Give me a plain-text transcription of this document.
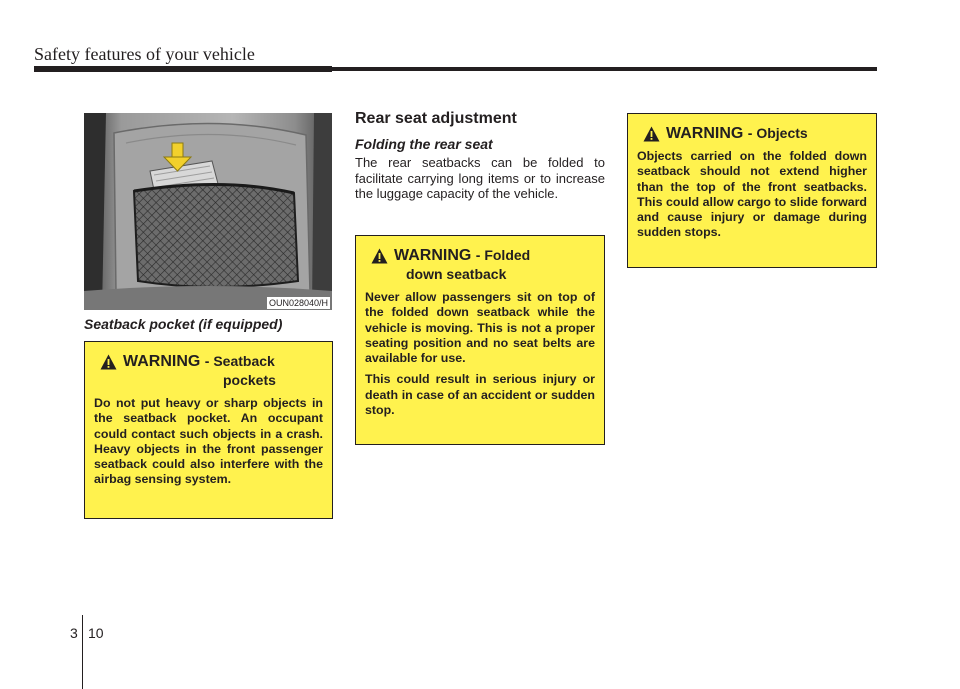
Safety features of your vehicle
OUN028040/H
Seatback pocket (if equipped)
WARNING - Seatback
pockets

Do not put heavy or sharp objects in the seatback pocket. An occupant could contact such objects in a crash. Heavy objects in the front passenger seatback could also interfere with the airbag sensing system.

Rear seat adjustment
Folding the rear seat

The rear seatbacks can be folded to facilitate carrying long items or to increase the luggage capacity of the vehicle.

WARNING - Folded
down seatback

Never allow passengers sit on top of the folded down seatback while the vehicle is moving. This is not a proper seating position and no seat belts are available for use.

This could result in serious injury or death in case of an accident or sudden stop.

WARNING - Objects

Objects carried on the folded down seatback should not extend higher than the top of the front seatbacks. This could allow cargo to slide forward and cause injury or damage during sudden stops.

3 10
